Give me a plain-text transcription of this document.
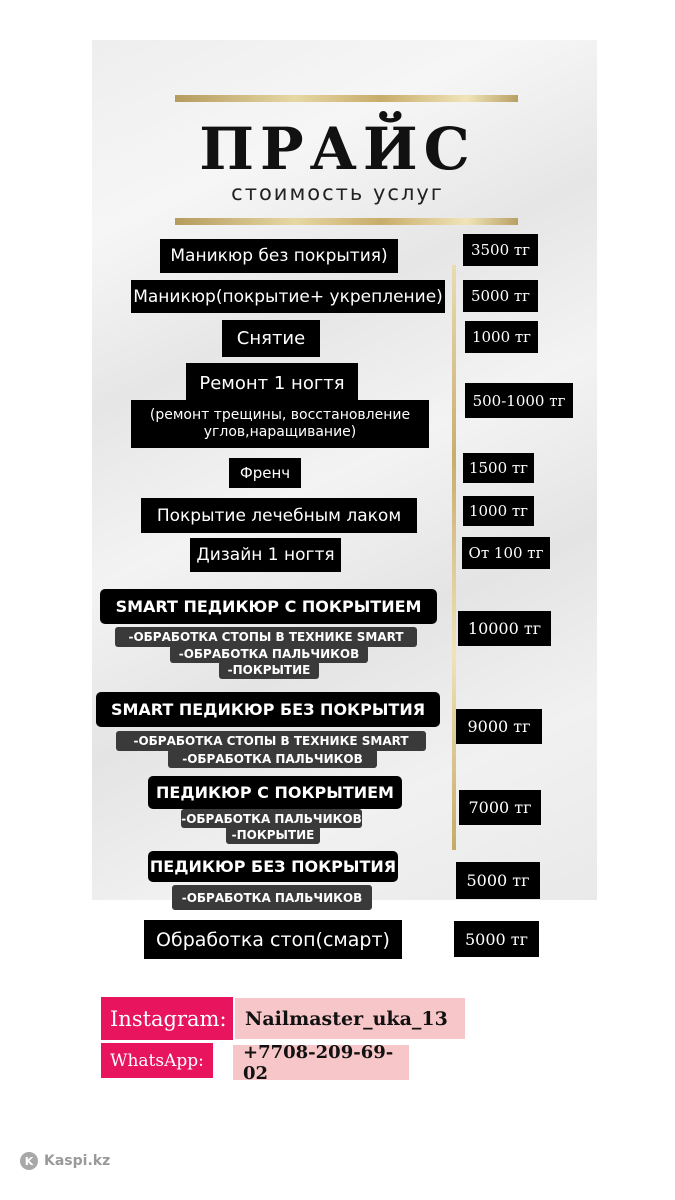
ПРАЙС
стоимость услуг
Маникюр без покрытия)	3500 тг
Маникюр(покрытие+ укрепление)	5000 тг
Снятие	1000 тг
Ремонт 1 ногтя
(ремонт трещины, восстановление
углов,наращивание)
500-1000 тг
Френч	1500 тг
Покрытие лечебным лаком	1000 тг
Дизайн 1 ногтя	От 100 тг
SMART ПЕДИКЮР С ПОКРЫТИЕМ
-ОБРАБОТКА СТОПЫ В ТЕХНИКЕ SMART
-ОБРАБОТКА ПАЛЬЧИКОВ
-ПОКРЫТИЕ
10000 тг
SMART ПЕДИКЮР БЕЗ ПОКРЫТИЯ
-ОБРАБОТКА СТОПЫ В ТЕХНИКЕ SMART
-ОБРАБОТКА ПАЛЬЧИКОВ
9000 тг
ПЕДИКЮР С ПОКРЫТИЕМ
-ОБРАБОТКА ПАЛЬЧИКОВ
-ПОКРЫТИЕ
7000 тг
ПЕДИКЮР БЕЗ ПОКРЫТИЯ
-ОБРАБОТКА ПАЛЬЧИКОВ
5000 тг
Обработка стоп(смарт)	5000 тг
Instagram: Nailmaster_uka_13
WhatsApp:	+7708-209-69-02
K Kaspi.kz
